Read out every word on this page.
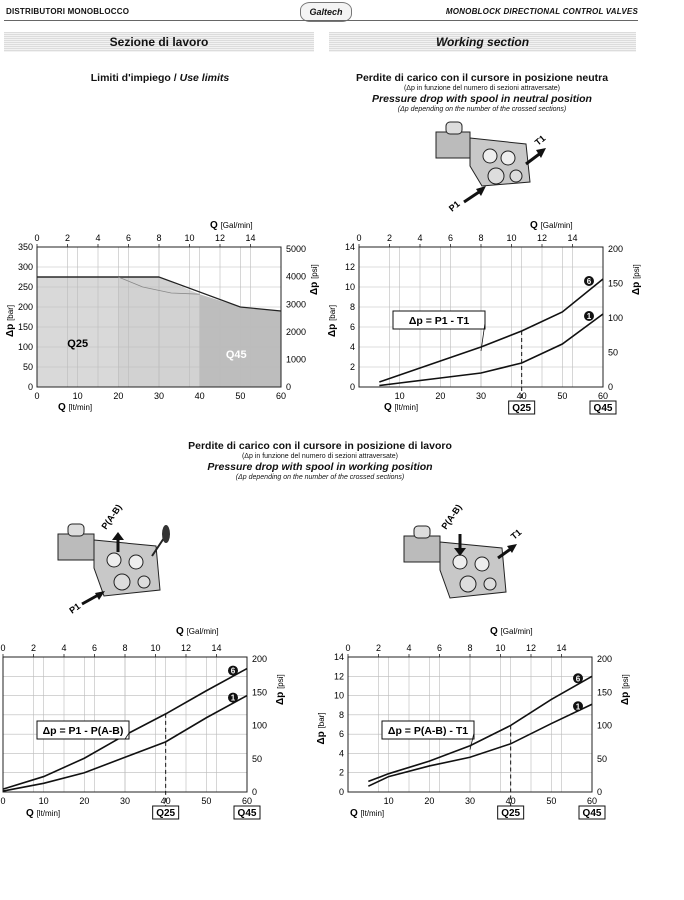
DISTRIBUTORI MONOBLOCCO	Galtech	MONOBLOCK DIRECTIONAL CONTROL VALVES
Sezione di lavoro	Working section
Limiti d'impiego / Use limits	Perdite di carico con il cursore in posizione neutra
(Δp in funzione del numero di sezioni attraversate)
Pressure drop with spool in neutral position
(Δp depending on the number of the crossed sections)
Perdite di carico con il cursore in posizione di lavoro
(Δp in funzione del numero di sezioni attraversate)
Pressure drop with spool in working position
(Δp depending on the number of the crossed sections)
P1
T1
P1
P(A-B)	P(A-B)
T1
0	2	4	6	8	10 12 14
0	10	20	30	40	50	60
0
50
100
150
200
250
300
350
0
1000
2000
3000
4000
5000
Q [Gal/min]
Q [lt/min]
Δp [bar]
Δp [psi]
Q25
Q45
0	2	4	6	8	10 12 14
10	20	30	40	50	60
0
2
4
6
8
10
12
14
0
50
100
150
200
Q [Gal/min]
Q [lt/min]
Δp [bar]
Δp [psi]
6
1
Δp = P1 - T1
Q25	Q45
0	2	4	6	8	10 12 14
0	10	20	30	40	50	60
0
50
100
150
200
Q [Gal/min]
Q [lt/min]
Δp [psi]
6
1
Δp = P1 - P(A-B)
Q25	Q45
0	2	4	6	8	10 12 14
10	20	30	40	50	60
0
2
4
6
8
10
12
14
0
50
100
150
200
Q [Gal/min]
Q [lt/min]
Δp [bar]
Δp [psi]
6
1
Δp = P(A-B) - T1
Q25	Q45
